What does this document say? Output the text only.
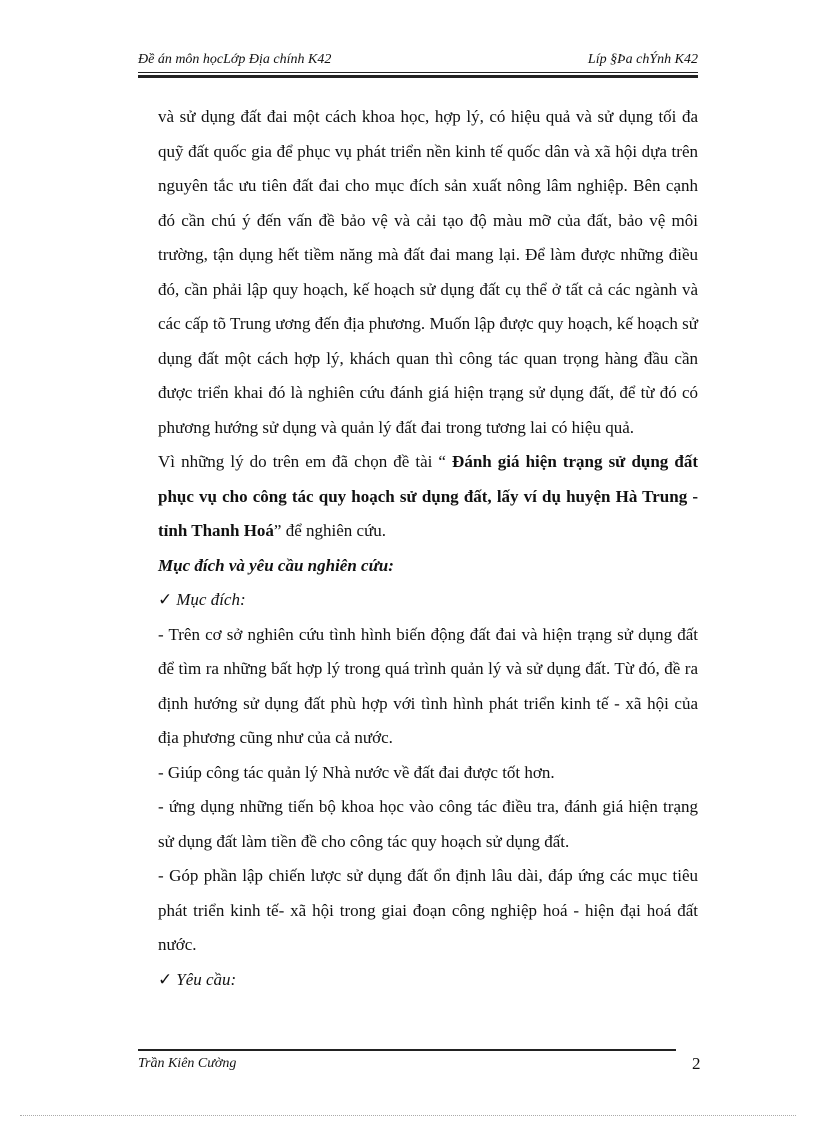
Đề án môn họcLớp Địa chính K42	Líp §Þa chÝnh K42

và sử dụng đất đai một cách khoa học, hợp lý, có hiệu quả và sử dụng tối đa quỹ đất quốc gia để phục vụ phát triển nền kinh tế quốc dân và xã hội dựa trên nguyên tắc ưu tiên đất đai cho mục đích sản xuất nông lâm nghiệp. Bên cạnh đó cần chú ý đến vấn đề bảo vệ và cải tạo độ màu mỡ của đất, bảo vệ môi trường, tận dụng hết tiềm năng mà đất đai mang lại. Để làm được những điều đó, cần phải lập quy hoạch, kế hoạch sử dụng đất cụ thể ở tất cả các ngành và các cấp tõ Trung ương đến địa phương. Muốn lập được quy hoạch, kế hoạch sử dụng đất một cách hợp lý, khách quan thì công tác quan trọng hàng đầu cần được triển khai đó là nghiên cứu đánh giá hiện trạng sử dụng đất, để từ đó có phương hướng sử dụng và quản lý đất đai trong tương lai có hiệu quả.

Vì những lý do trên em đã chọn đề tài “ Đánh giá hiện trạng sử dụng đất phục vụ cho công tác quy hoạch sử dụng đất, lấy ví dụ huyện Hà Trung - tỉnh Thanh Hoá” để nghiên cứu.

Mục đích và yêu cầu nghiên cứu:

✓ Mục đích:

- Trên cơ sở nghiên cứu tình hình biến động đất đai và hiện trạng sử dụng đất để tìm ra những bất hợp lý trong quá trình quản lý và sử dụng đất. Từ đó, đề ra định hướng sử dụng đất phù hợp với tình hình phát triển kinh tế - xã hội của địa phương cũng như của cả nước.

- Giúp công tác quản lý Nhà nước về đất đai được tốt hơn.

- ứng dụng những tiến bộ khoa học vào công tác điều tra, đánh giá hiện trạng sử dụng đất làm tiền đề cho công tác quy hoạch sử dụng đất.

- Góp phần lập chiến lược sử dụng đất ổn định lâu dài, đáp ứng các mục tiêu phát triển kinh tế- xã hội trong giai đoạn công nghiệp hoá - hiện đại hoá đất nước.

✓ Yêu cầu:

Trần Kiên Cường	2
